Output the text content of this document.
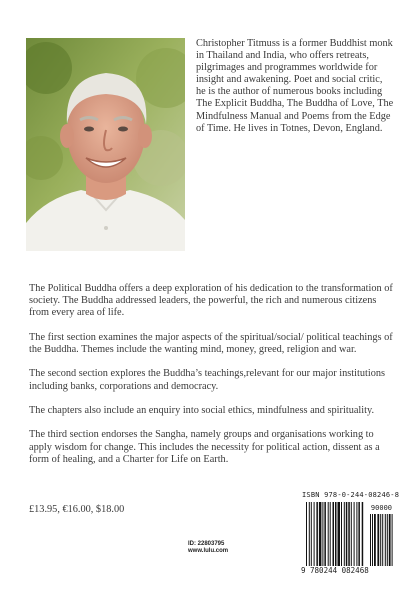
Christopher Titmuss is a former Buddhist monk in Thailand and India, who offers retreats, pilgrimages and programmes worldwide for insight and awakening. Poet and social critic, he is the author of numerous books including The Explicit Buddha, The Buddha of Love, The Mindfulness Manual and Poems from the Edge of Time. He lives in Totnes, Devon, England.

The Political Buddha offers a deep exploration of his dedication to the transformation of society. The Buddha addressed leaders, the powerful, the rich and numerous citizens from every area of life.

The first section examines the major aspects of the spiritual/social/ political teachings of the Buddha. Themes include the wanting mind, money, greed, religion and war.

The second section explores the Buddha’s teachings,relevant for our major institutions including banks, corporations and democracy.

The chapters also include an enquiry into social ethics, mindfulness and spirituality.

The third section endorses the Sangha, namely groups and organisations working to apply wisdom for change. This includes the necessity for political action, dissent as a form of healing, and a Charter for Life on Earth.

£13.95, €16.00, $18.00
ID: 22803795
www.lulu.com
ISBN 978-0-244-08246-8
90000
9 780244 082468
